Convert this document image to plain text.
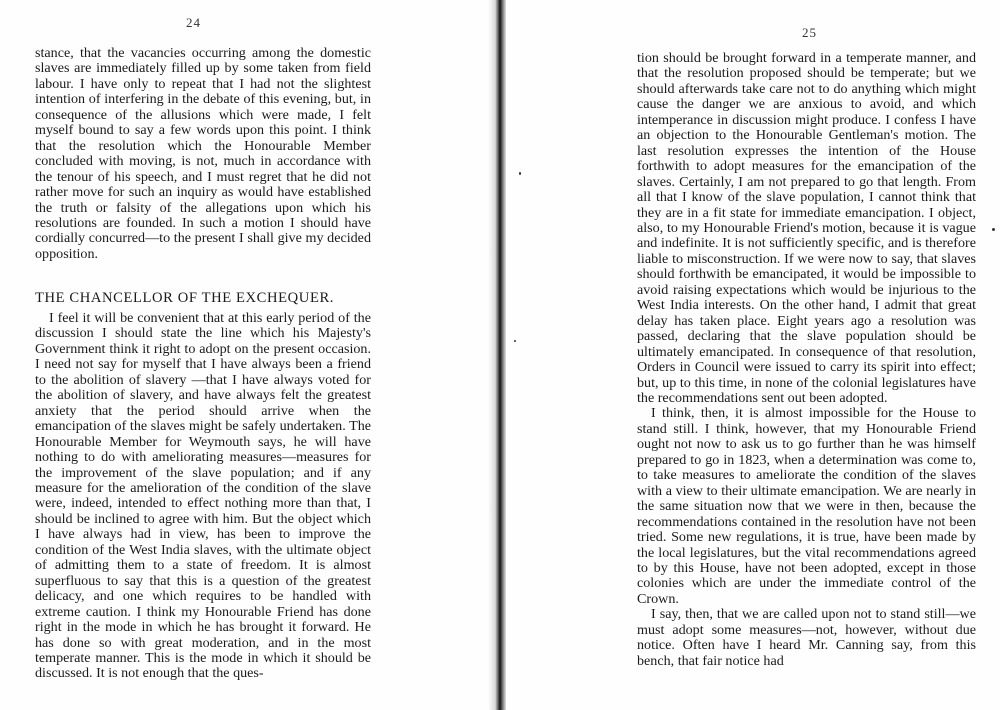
24

stance, that the vacancies occurring among the domestic slaves are immediately filled up by some taken from field labour. I have only to repeat that I had not the slightest intention of interfering in the debate of this evening, but, in consequence of the allusions which were made, I felt myself bound to say a few words upon this point. I think that the resolution which the Honourable Member concluded with moving, is not, much in accordance with the tenour of his speech, and I must regret that he did not rather move for such an inquiry as would have established the truth or falsity of the allegations upon which his resolutions are founded. In such a motion I should have cordially concurred—to the present I shall give my decided opposition.

THE CHANCELLOR OF THE EXCHEQUER.

I feel it will be convenient that at this early period of the discussion I should state the line which his Majesty's Government think it right to adopt on the present occasion. I need not say for myself that I have always been a friend to the abolition of slavery —that I have always voted for the abolition of slavery, and have always felt the greatest anxiety that the period should arrive when the emancipation of the slaves might be safely undertaken. The Honourable Member for Weymouth says, he will have nothing to do with ameliorating measures—measures for the improvement of the slave population; and if any measure for the amelioration of the condition of the slave were, indeed, intended to effect nothing more than that, I should be inclined to agree with him. But the object which I have always had in view, has been to improve the condition of the West India slaves, with the ultimate object of admitting them to a state of freedom. It is almost superfluous to say that this is a question of the greatest delicacy, and one which requires to be handled with extreme caution. I think my Honourable Friend has done right in the mode in which he has brought it forward. He has done so with great moderation, and in the most temperate manner. This is the mode in which it should be discussed. It is not enough that the ques-

25

tion should be brought forward in a temperate manner, and that the resolution proposed should be temperate; but we should afterwards take care not to do anything which might cause the danger we are anxious to avoid, and which intemperance in discussion might produce. I confess I have an objection to the Honourable Gentleman's motion. The last resolution expresses the intention of the House forthwith to adopt measures for the emancipation of the slaves. Certainly, I am not prepared to go that length. From all that I know of the slave population, I cannot think that they are in a fit state for immediate emancipation. I object, also, to my Honourable Friend's motion, because it is vague and indefinite. It is not sufficiently specific, and is therefore liable to misconstruction. If we were now to say, that slaves should forthwith be emancipated, it would be impossible to avoid raising expectations which would be injurious to the West India interests. On the other hand, I admit that great delay has taken place. Eight years ago a resolution was passed, declaring that the slave population should be ultimately emancipated. In consequence of that resolution, Orders in Council were issued to carry its spirit into effect; but, up to this time, in none of the colonial legislatures have the recommendations sent out been adopted.

I think, then, it is almost impossible for the House to stand still. I think, however, that my Honourable Friend ought not now to ask us to go further than he was himself prepared to go in 1823, when a determination was come to, to take measures to ameliorate the condition of the slaves with a view to their ultimate emancipation. We are nearly in the same situation now that we were in then, because the recommendations contained in the resolution have not been tried. Some new regulations, it is true, have been made by the local legislatures, but the vital recommendations agreed to by this House, have not been adopted, except in those colonies which are under the immediate control of the Crown.

I say, then, that we are called upon not to stand still—we must adopt some measures—not, however, without due notice. Often have I heard Mr. Canning say, from this bench, that fair notice had
